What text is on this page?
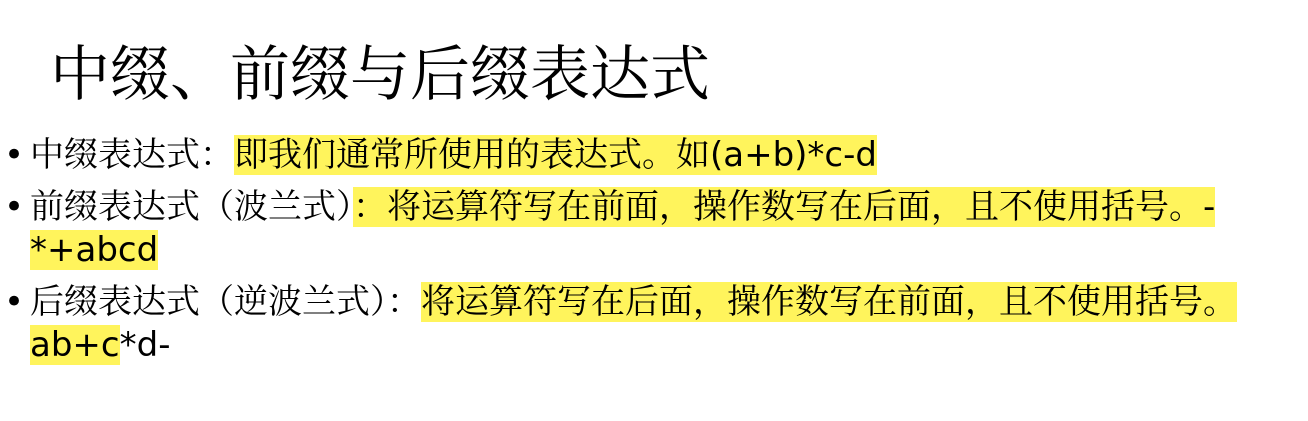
中缀、前缀与后缀表达式
• 中缀表达式：即我们通常所使用的表达式。如(a+b)*c-d
• 前缀表达式（波兰式）：将运算符写在前面，操作数写在后面，且不使用括号。-*+abcd
• 后缀表达式（逆波兰式）：将运算符写在后面，操作数写在前面，且不使用括号。ab+c*d-
